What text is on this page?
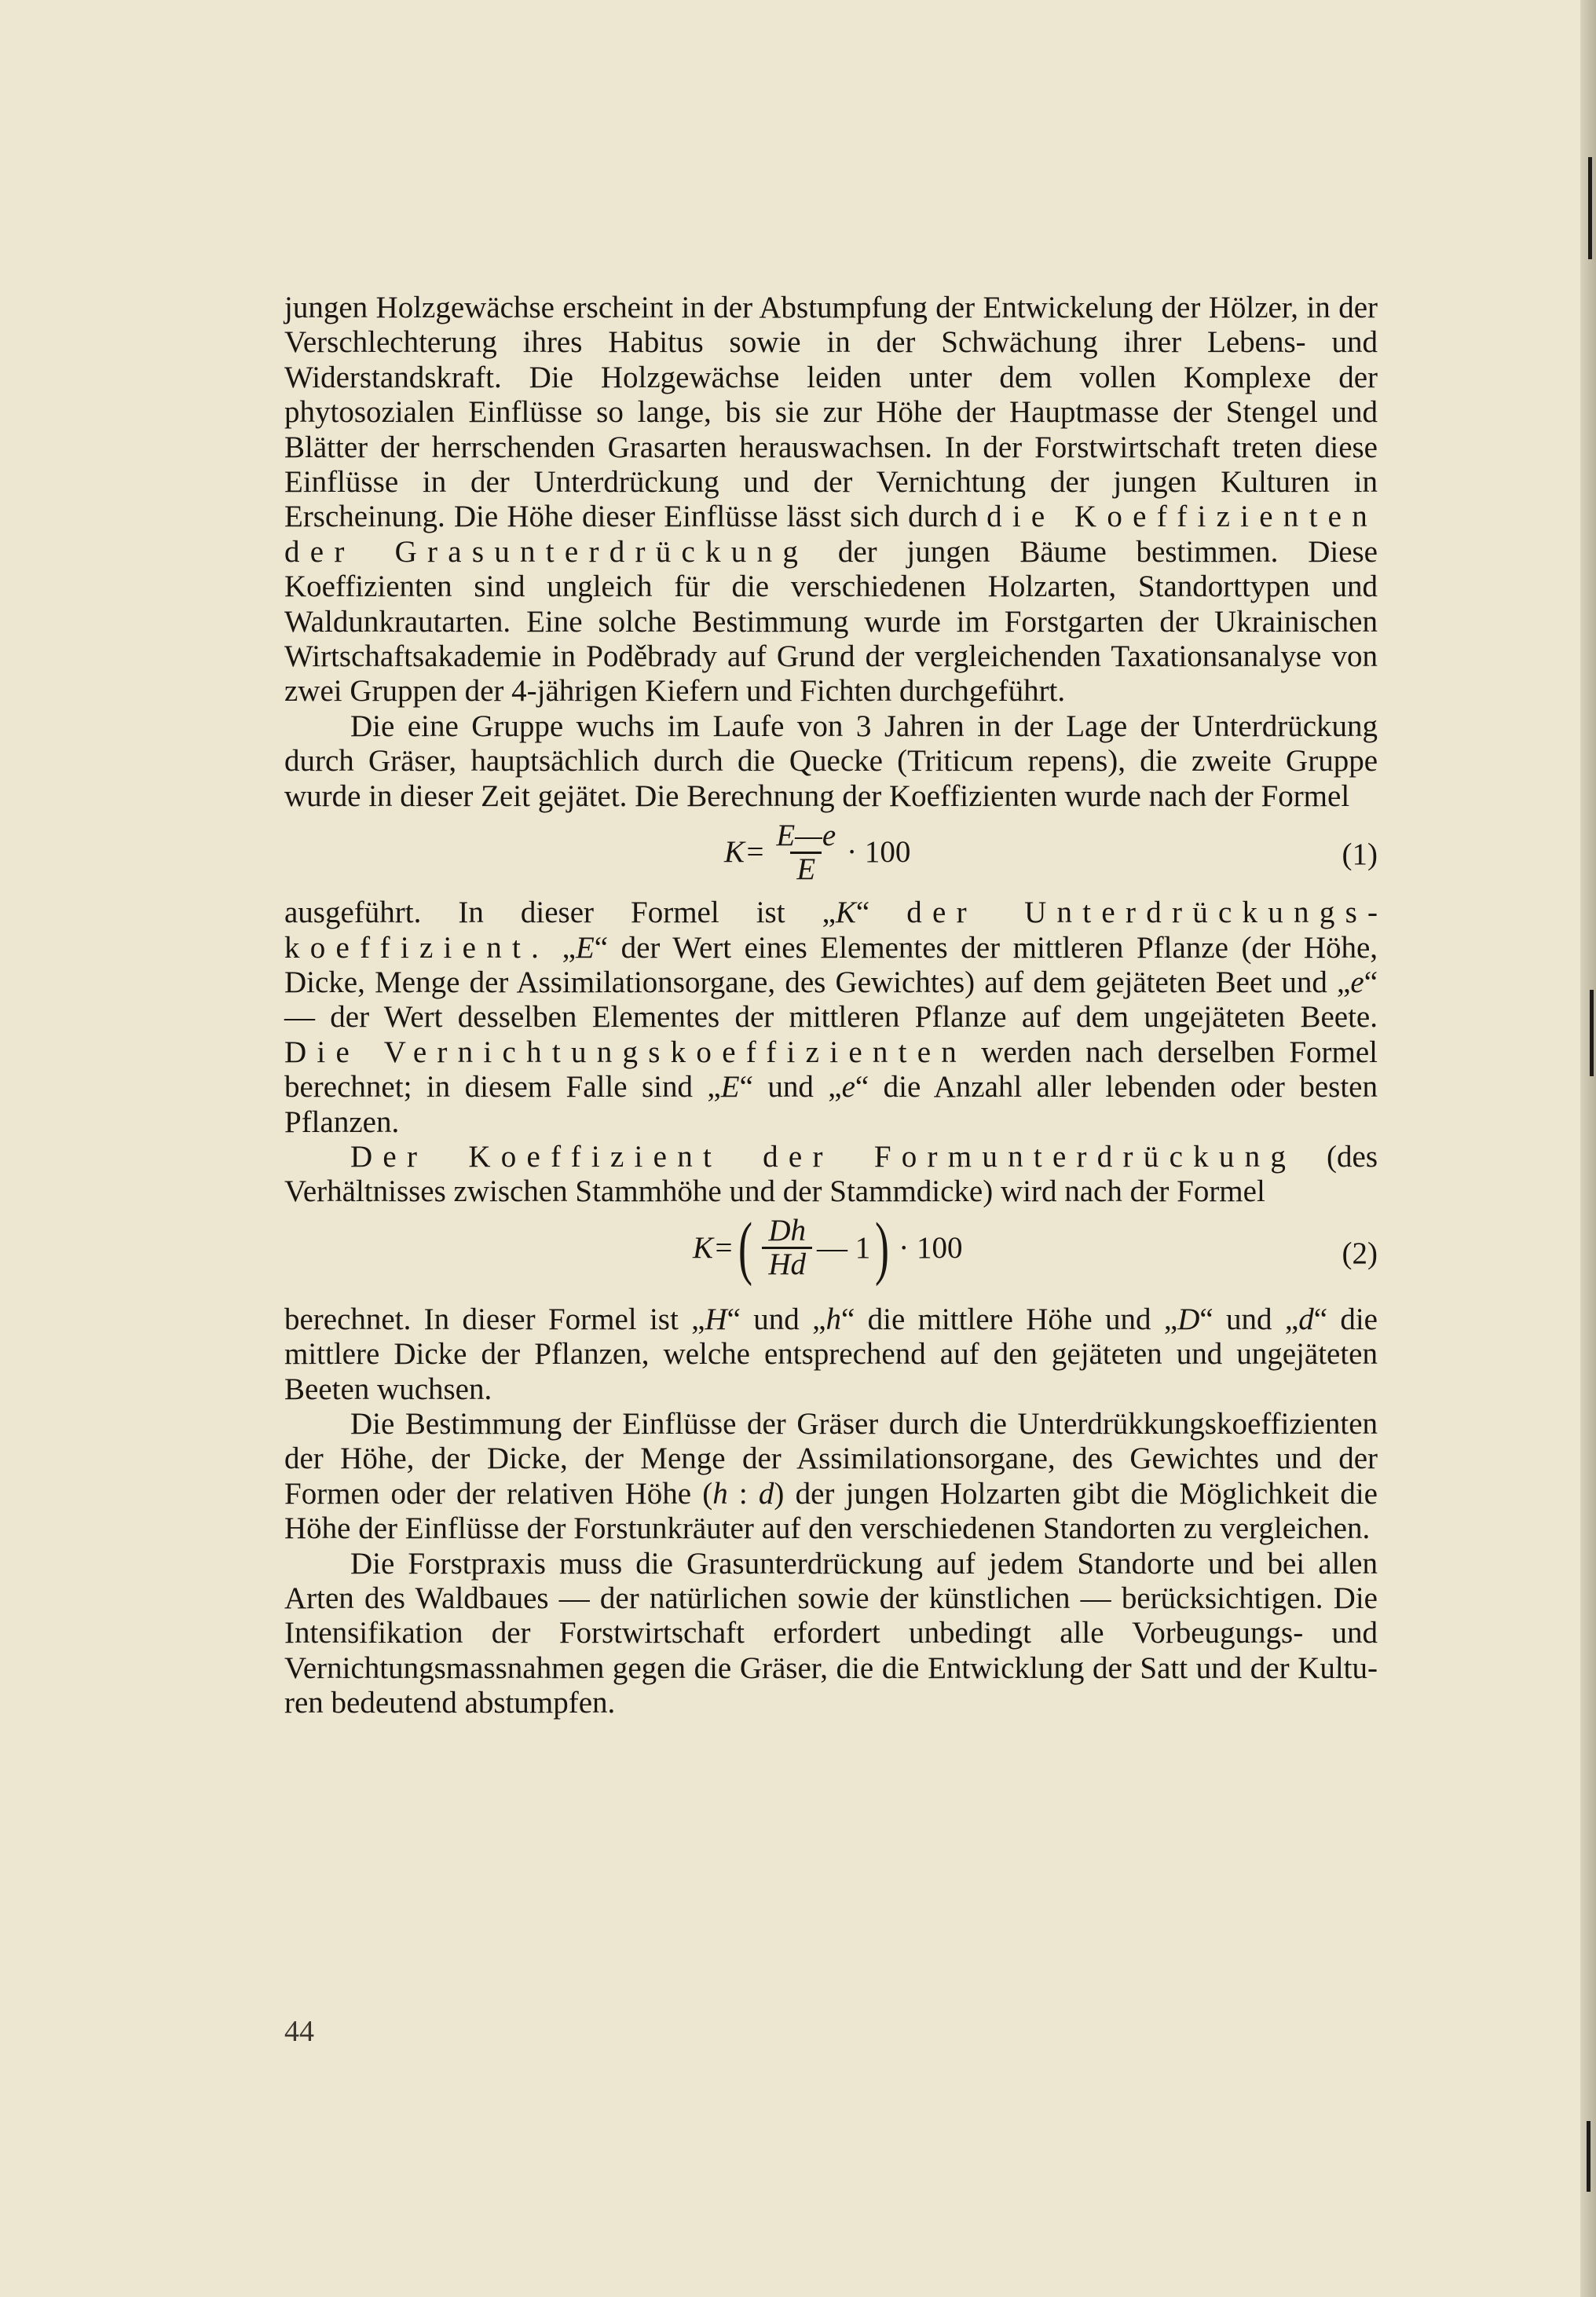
jungen Holzgewächse erscheint in der Abstumpfung der Entwickelung der Hölzer, in der Verschlechterung ihres Habitus sowie in der Schwächung ihrer Lebens- und Widerstandskraft. Die Holzgewächse leiden unter dem vollen Komplexe der phytosozialen Einflüsse so lange, bis sie zur Höhe der Hauptmasse der Stengel und Blätter der herrschenden Grasarten herauswachsen. In der Forstwirtschaft treten diese Einflüsse in der Unterdrückung und der Vernichtung der jungen Kulturen in Erscheinung. Die Höhe dieser Einflüsse lässt sich durch die Koeffizienten der Grasunterdrückung der jungen Bäume bestimmen. Diese Koeffizienten sind ungleich für die verschiedenen Holzarten, Standorttypen und Waldunkrautarten. Eine solche Bestimmung wurde im Forstgarten der Ukrainischen Wirtschaftsakademie in Poděbrady auf Grund der vergleichenden Taxationsanalyse von zwei Gruppen der 4-jährigen Kiefern und Fichten durchgeführt.

Die eine Gruppe wuchs im Laufe von 3 Jahren in der Lage der Unterdrückung durch Gräser, hauptsächlich durch die Quecke (Triticum repens), die zweite Gruppe wurde in dieser Zeit gejätet. Die Berechnung der Koeffizienten wurde nach der Formel

$K= \frac{E—e}{E} \cdot 100$	(1)

ausgeführt. In dieser Formel ist „K“ der Unterdrückungskoeffizient. „E“ der Wert eines Elementes der mittleren Pflanze (der Höhe, Dicke, Menge der Assimilationsorgane, des Gewichtes) auf dem gejäteten Beet und „e“ — der Wert desselben Elementes der mittleren Pflanze auf dem ungejäteten Beete. Die Vernichtungskoeffizienten werden nach derselben Formel berechnet; in diesem Falle sind „E“ und „e“ die Anzahl aller lebenden oder besten Pflanzen.

Der Koeffizient der Formunterdrückung (des Verhältnisses zwischen Stammhöhe und der Stammdicke) wird nach der Formel

K= ( $\frac{Dh}{Hd}$ — 1 ) · 100	(2)

berechnet. In dieser Formel ist „H“ und „h“ die mittlere Höhe und „D“ und „d“ die mittlere Dicke der Pflanzen, welche entsprechend auf den gejäteten und ungejäteten Beeten wuchsen.

Die Bestimmung der Einflüsse der Gräser durch die Unterdrükkungskoeffizienten der Höhe, der Dicke, der Menge der Assimilationsorgane, des Gewichtes und der Formen oder der relativen Höhe (h : d) der jungen Holzarten gibt die Möglichkeit die Höhe der Einflüsse der Forstunkräuter auf den verschiedenen Standorten zu vergleichen.

Die Forstpraxis muss die Grasunterdrückung auf jedem Standorte und bei allen Arten des Waldbaues — der natürlichen sowie der künstlichen — berücksichtigen. Die Intensifikation der Forstwirtschaft erfordert unbedingt alle Vorbeugungs- und Vernichtungsmassnahmen gegen die Gräser, die die Entwicklung der Satt und der Kulturen bedeutend abstumpfen.

44
